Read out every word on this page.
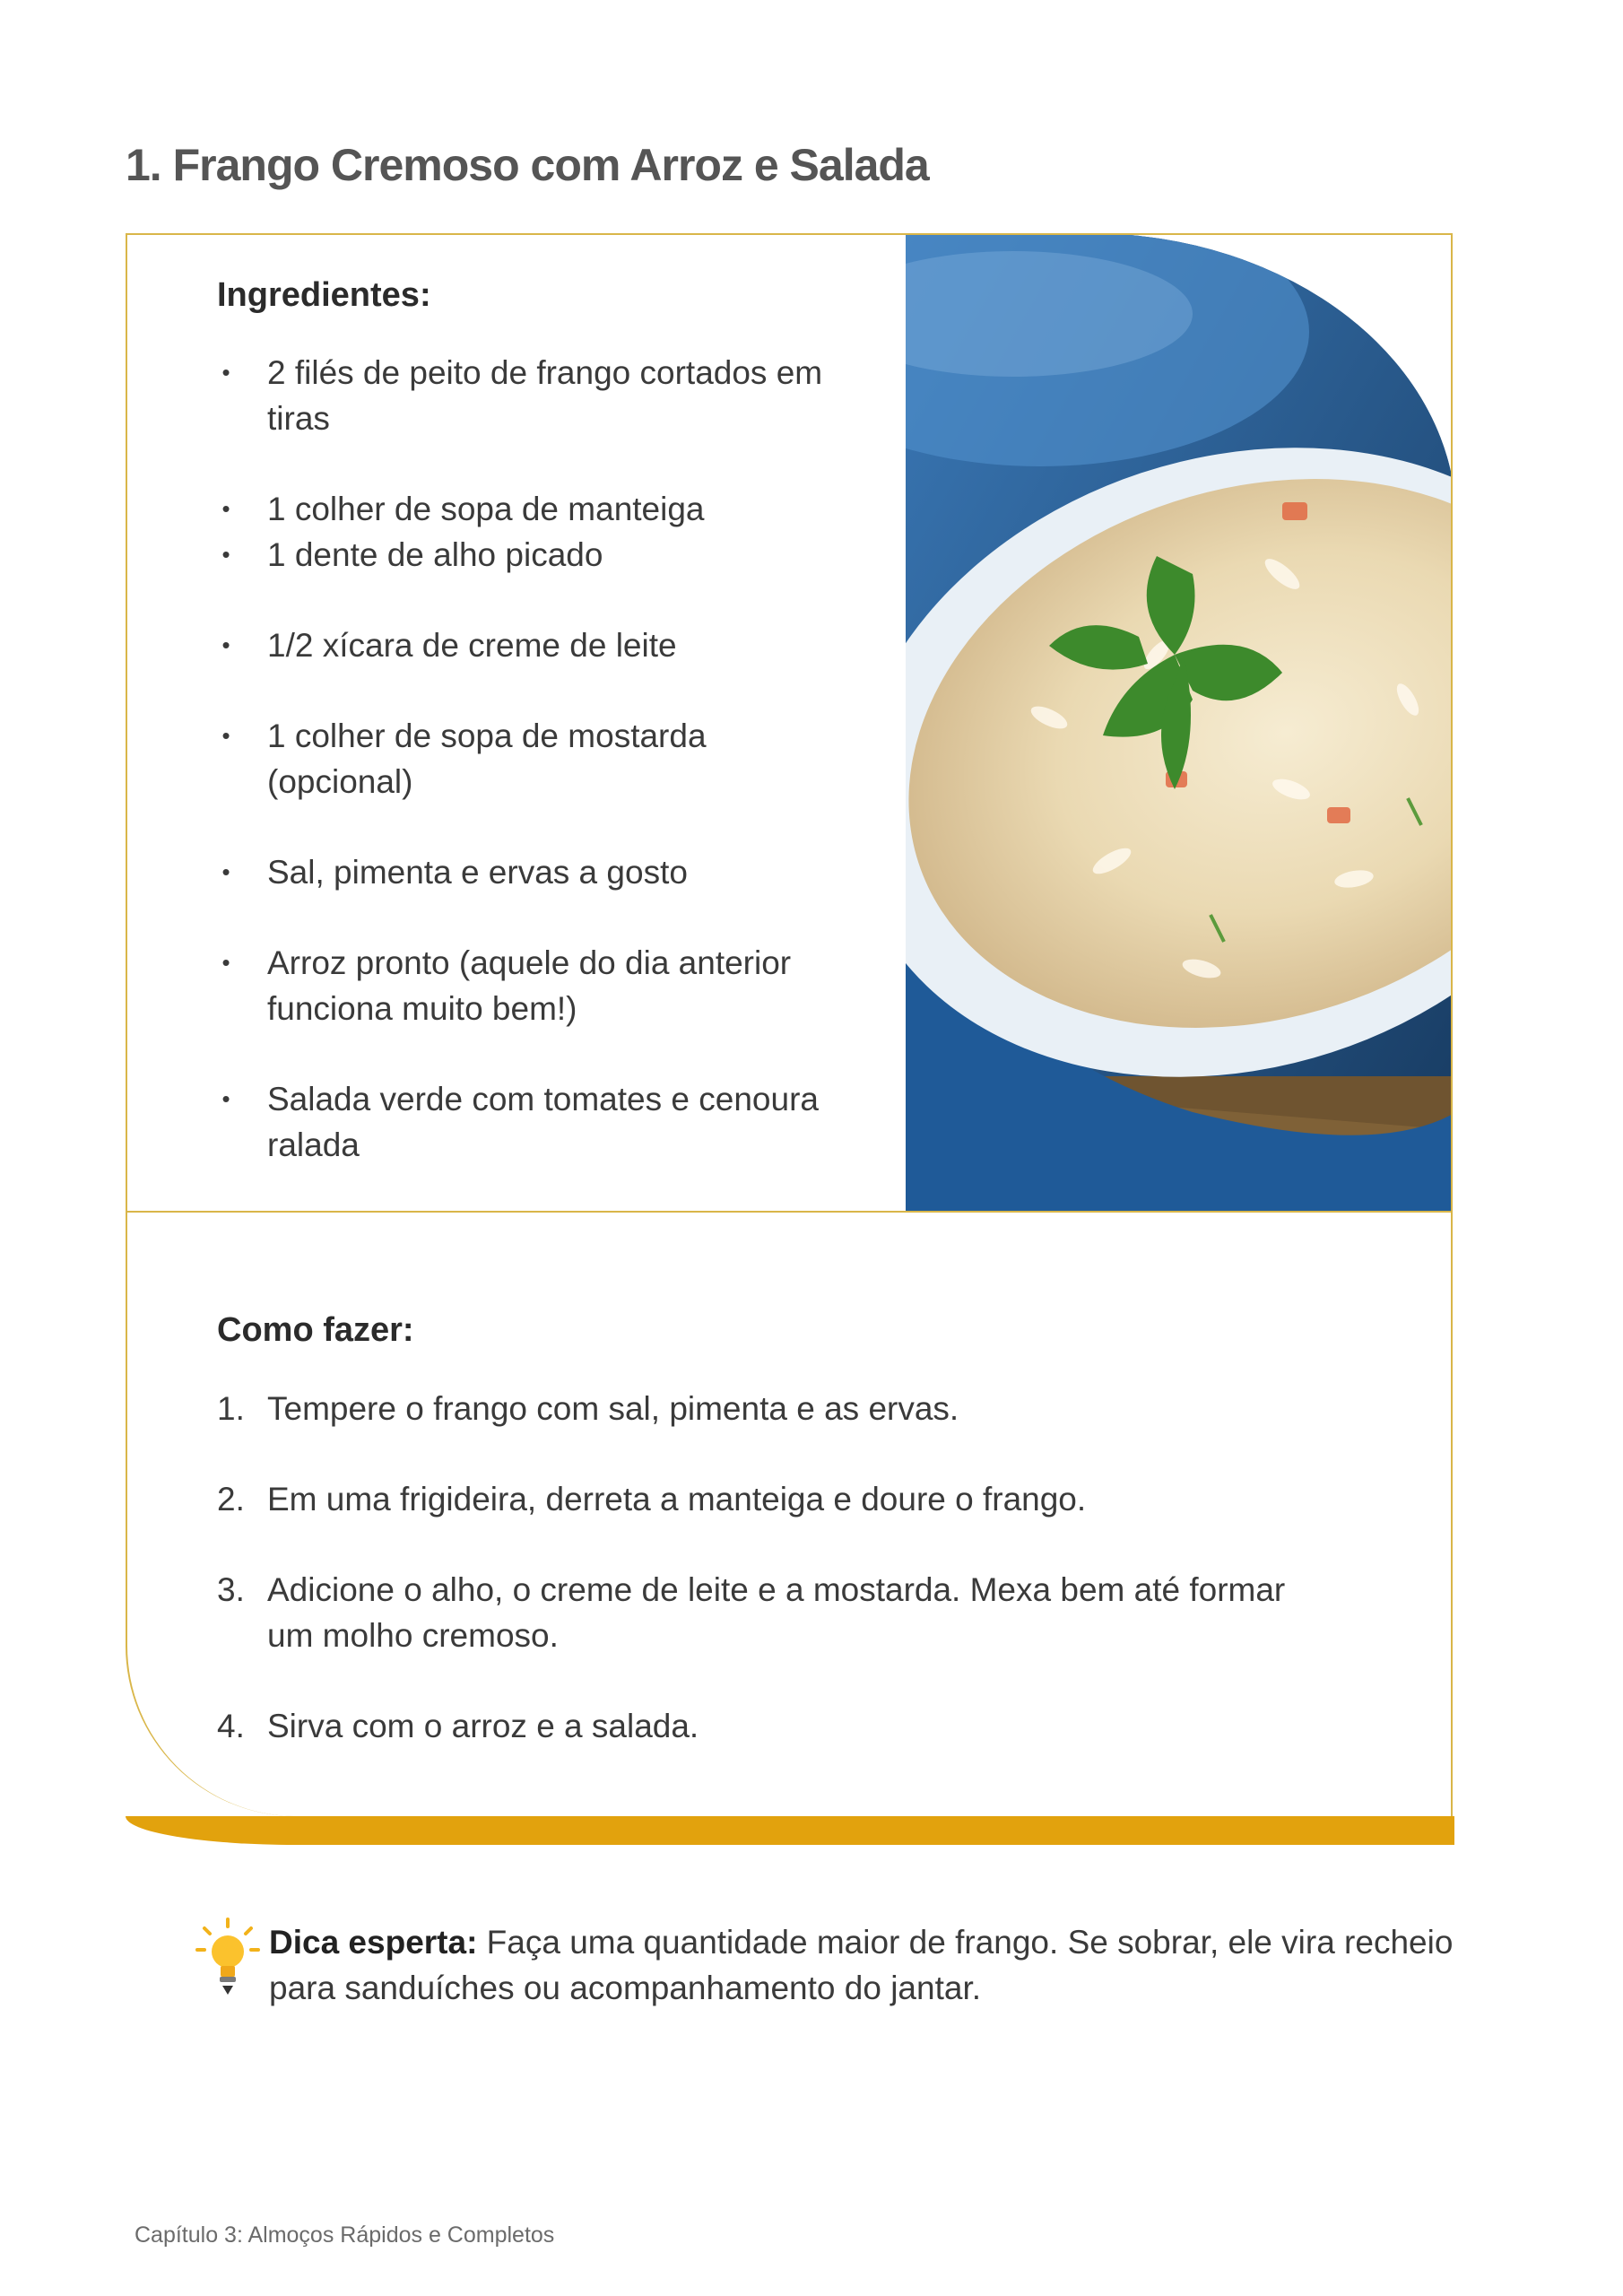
1. Frango Cremoso com Arroz e Salada
Ingredientes:
• 2 filés de peito de frango cortados em tiras
• 1 colher de sopa de manteiga
• 1 dente de alho picado
• 1/2 xícara de creme de leite
• 1 colher de sopa de mostarda (opcional)
• Sal, pimenta e ervas a gosto
• Arroz pronto (aquele do dia anterior funciona muito bem!)
• Salada verde com tomates e cenoura ralada
Como fazer:
1. Tempere o frango com sal, pimenta e as ervas.
2. Em uma frigideira, derreta a manteiga e doure o frango.
3. Adicione o alho, o creme de leite e a mostarda. Mexa bem até formar um molho cremoso.
4. Sirva com o arroz e a salada.
Dica esperta: Faça uma quantidade maior de frango. Se sobrar, ele vira recheio para sanduíches ou acompanhamento do jantar.
Capítulo 3: Almoços Rápidos e Completos
